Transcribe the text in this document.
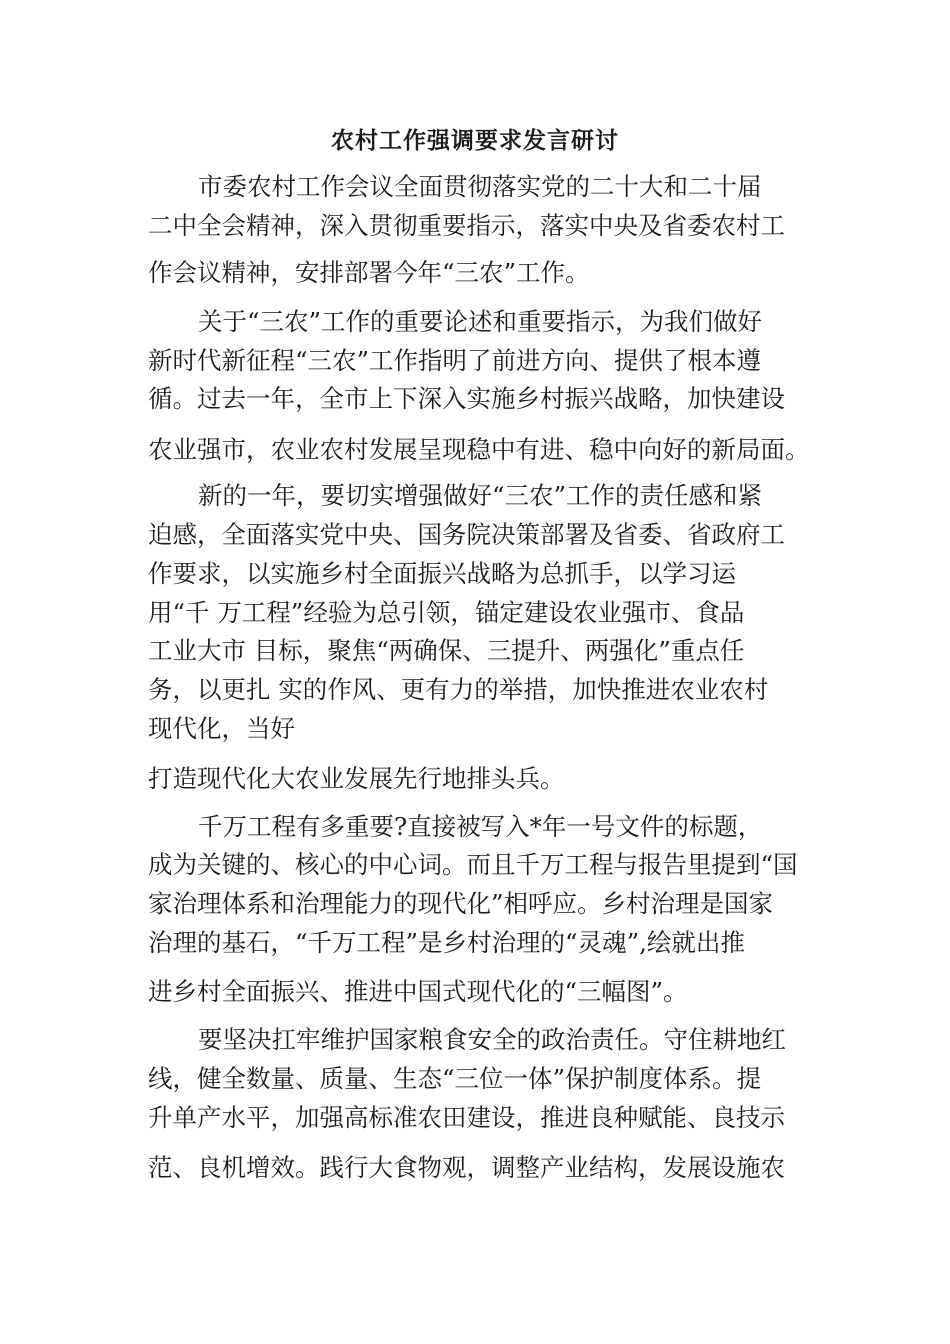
农村工作强调要求发言研讨
市委农村工作会议全面贯彻落实党的二十大和二十届
二中全会精神，深入贯彻重要指示，落实中央及省委农村工
作会议精神，安排部署今年“三农”工作。
关于“三农”工作的重要论述和重要指示，为我们做好
新时代新征程“三农”工作指明了前进方向、提供了根本遵
循。过去一年，全市上下深入实施乡村振兴战略，加快建设
农业强市，农业农村发展呈现稳中有进、稳中向好的新局面。
新的一年，要切实增强做好“三农”工作的责任感和紧
迫感，全面落实党中央、国务院决策部署及省委、省政府工
作要求，以实施乡村全面振兴战略为总抓手，以学习运
用“千 万工程”经验为总引领，锚定建设农业强市、食品
工业大市 目标，聚焦“两确保、三提升、两强化”重点任
务，以更扎 实的作风、更有力的举措，加快推进农业农村
现代化，当好
打造现代化大农业发展先行地排头兵。
千万工程有多重要?直接被写入*年一号文件的标题，
成为关键的、核心的中心词。而且千万工程与报告里提到“国
家治理体系和治理能力的现代化”相呼应。乡村治理是国家
治理的基石，“千万工程”是乡村治理的“灵魂”,绘就出推
进乡村全面振兴、推进中国式现代化的“三幅图”。
要坚决扛牢维护国家粮食安全的政治责任。守住耕地红
线，健全数量、质量、生态“三位一体”保护制度体系。提
升单产水平，加强高标准农田建设，推进良种赋能、良技示
范、良机增效。践行大食物观，调整产业结构，发展设施农
